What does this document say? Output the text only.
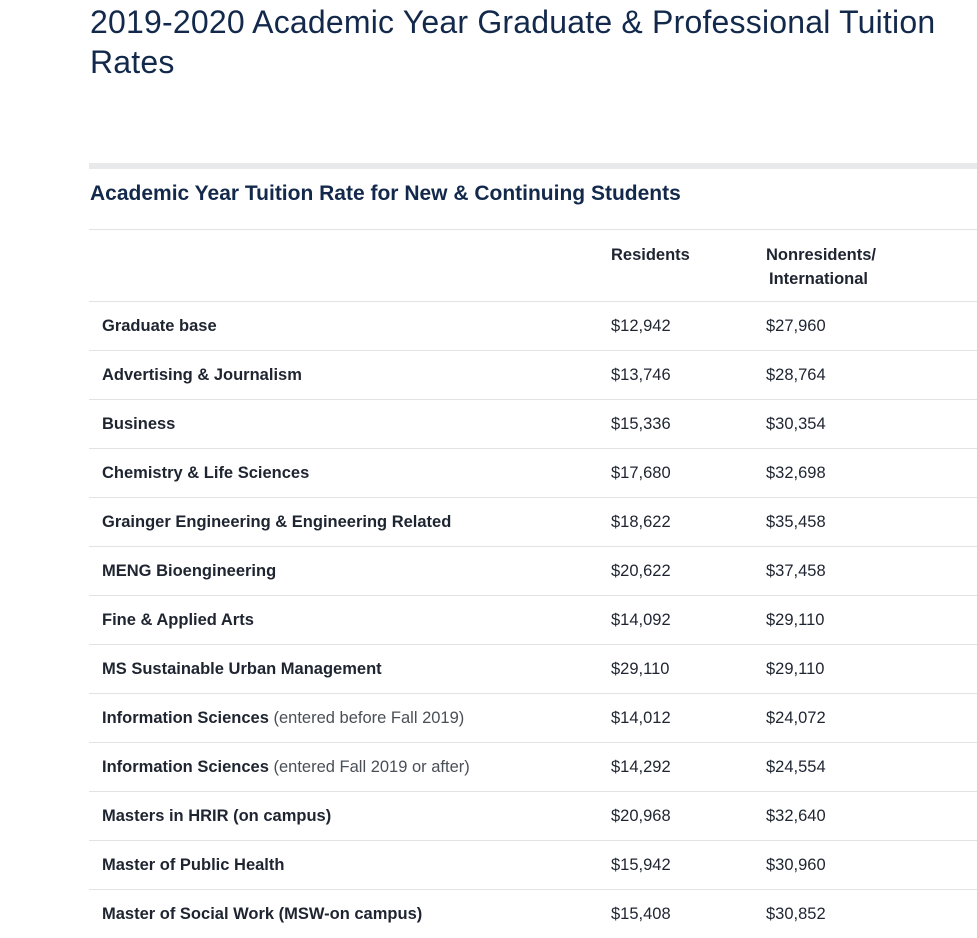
2019-2020 Academic Year Graduate & Professional Tuition Rates
Academic Year Tuition Rate for New & Continuing Students
	Residents	Nonresidents/
International
Graduate base	$12,942	$27,960
Advertising & Journalism	$13,746	$28,764
Business	$15,336	$30,354
Chemistry & Life Sciences	$17,680	$32,698
Grainger Engineering & Engineering Related	$18,622	$35,458
MENG Bioengineering	$20,622	$37,458
Fine & Applied Arts	$14,092	$29,110
MS Sustainable Urban Management	$29,110	$29,110
Information Sciences (entered before Fall 2019)	$14,012	$24,072
Information Sciences (entered Fall 2019 or after)	$14,292	$24,554
Masters in HRIR (on campus)	$20,968	$32,640
Master of Public Health	$15,942	$30,960
Master of Social Work (MSW-on campus)	$15,408	$30,852
